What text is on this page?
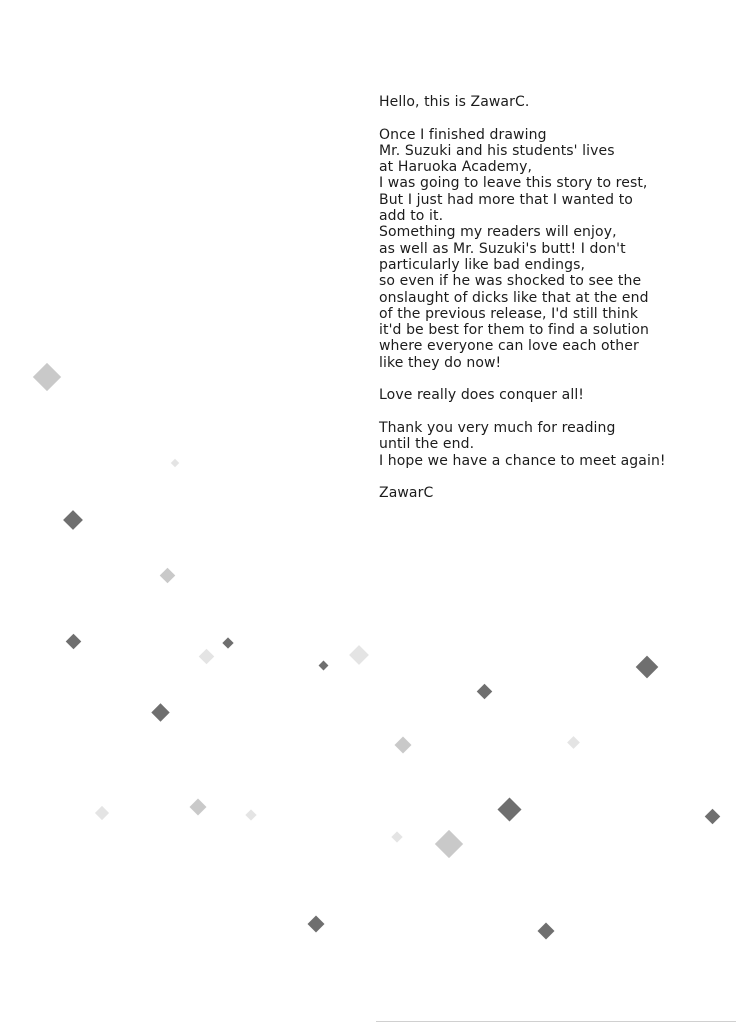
Hello, this is ZawarC.

Once I finished drawing
Mr. Suzuki and his students' lives
at Haruoka Academy,
I was going to leave this story to rest,
But I just had more that I wanted to
add to it.
Something my readers will enjoy,
as well as Mr. Suzuki's butt! I don't
particularly like bad endings,
so even if he was shocked to see the
onslaught of dicks like that at the end
of the previous release, I'd still think
it'd be best for them to find a solution
where everyone can love each other
like they do now!

Love really does conquer all!

Thank you very much for reading
until the end.
I hope we have a chance to meet again!

ZawarC
